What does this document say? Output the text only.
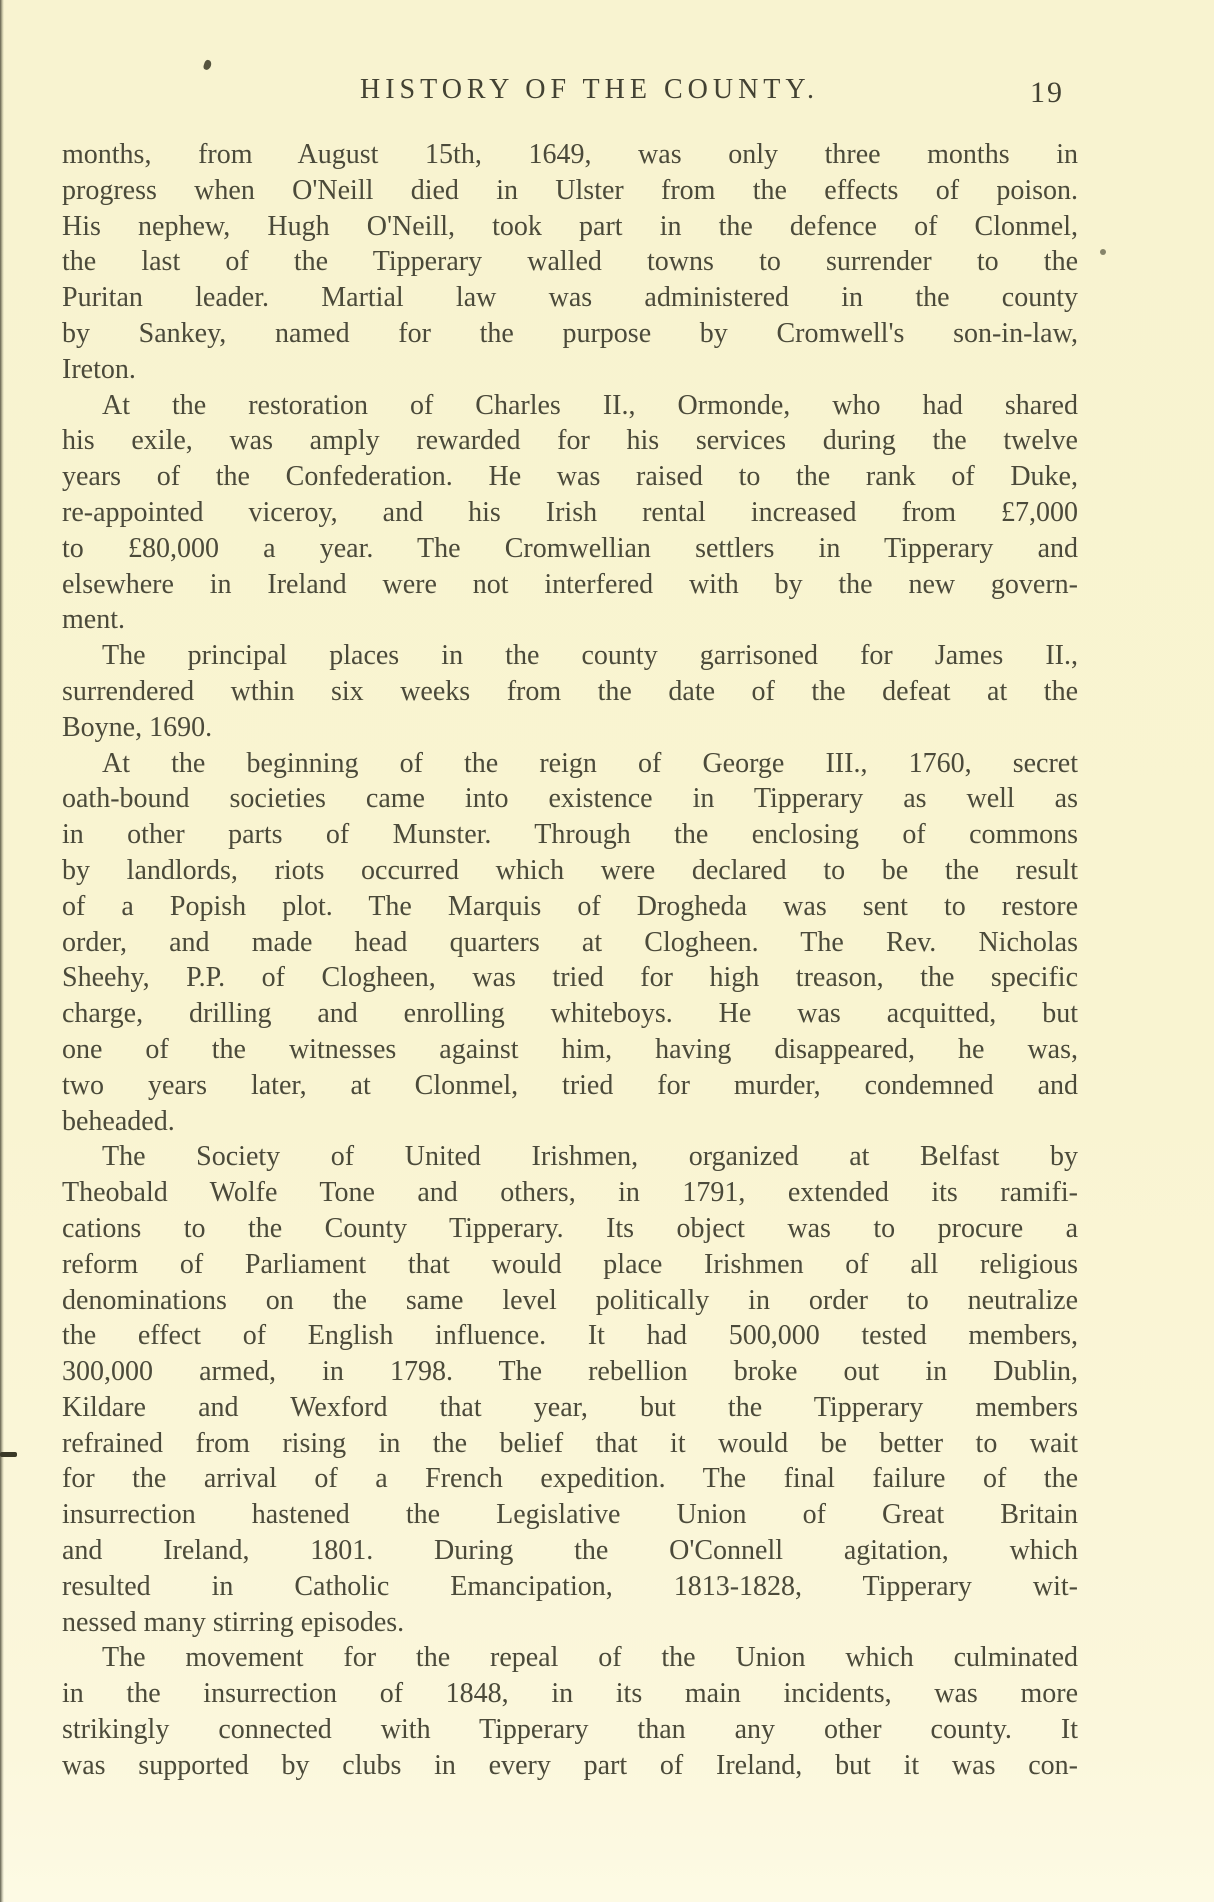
HISTORY OF THE COUNTY.	19
months, from August 15th, 1649, was only three months in
progress when O'Neill died in Ulster from the effects of poison.
His nephew, Hugh O'Neill, took part in the defence of Clonmel,
the last of the Tipperary walled towns to surrender to the
Puritan leader. Martial law was administered in the county
by Sankey, named for the purpose by Cromwell's son-in-law,
Ireton.
At the restoration of Charles II., Ormonde, who had shared
his exile, was amply rewarded for his services during the twelve
years of the Confederation. He was raised to the rank of Duke,
re-appointed viceroy, and his Irish rental increased from £7,000
to £80,000 a year. The Cromwellian settlers in Tipperary and
elsewhere in Ireland were not interfered with by the new govern-
ment.
The principal places in the county garrisoned for James II.,
surrendered wthin six weeks from the date of the defeat at the
Boyne, 1690.
At the beginning of the reign of George III., 1760, secret
oath-bound societies came into existence in Tipperary as well as
in other parts of Munster. Through the enclosing of commons
by landlords, riots occurred which were declared to be the result
of a Popish plot. The Marquis of Drogheda was sent to restore
order, and made head quarters at Clogheen. The Rev. Nicholas
Sheehy, P.P. of Clogheen, was tried for high treason, the specific
charge, drilling and enrolling whiteboys. He was acquitted, but
one of the witnesses against him, having disappeared, he was,
two years later, at Clonmel, tried for murder, condemned and
beheaded.
The Society of United Irishmen, organized at Belfast by
Theobald Wolfe Tone and others, in 1791, extended its ramifi-
cations to the County Tipperary. Its object was to procure a
reform of Parliament that would place Irishmen of all religious
denominations on the same level politically in order to neutralize
the effect of English influence. It had 500,000 tested members,
300,000 armed, in 1798. The rebellion broke out in Dublin,
Kildare and Wexford that year, but the Tipperary members
refrained from rising in the belief that it would be better to wait
for the arrival of a French expedition. The final failure of the
insurrection hastened the Legislative Union of Great Britain
and Ireland, 1801. During the O'Connell agitation, which
resulted in Catholic Emancipation, 1813-1828, Tipperary wit-
nessed many stirring episodes.
The movement for the repeal of the Union which culminated
in the insurrection of 1848, in its main incidents, was more
strikingly connected with Tipperary than any other county. It
was supported by clubs in every part of Ireland, but it was con-
